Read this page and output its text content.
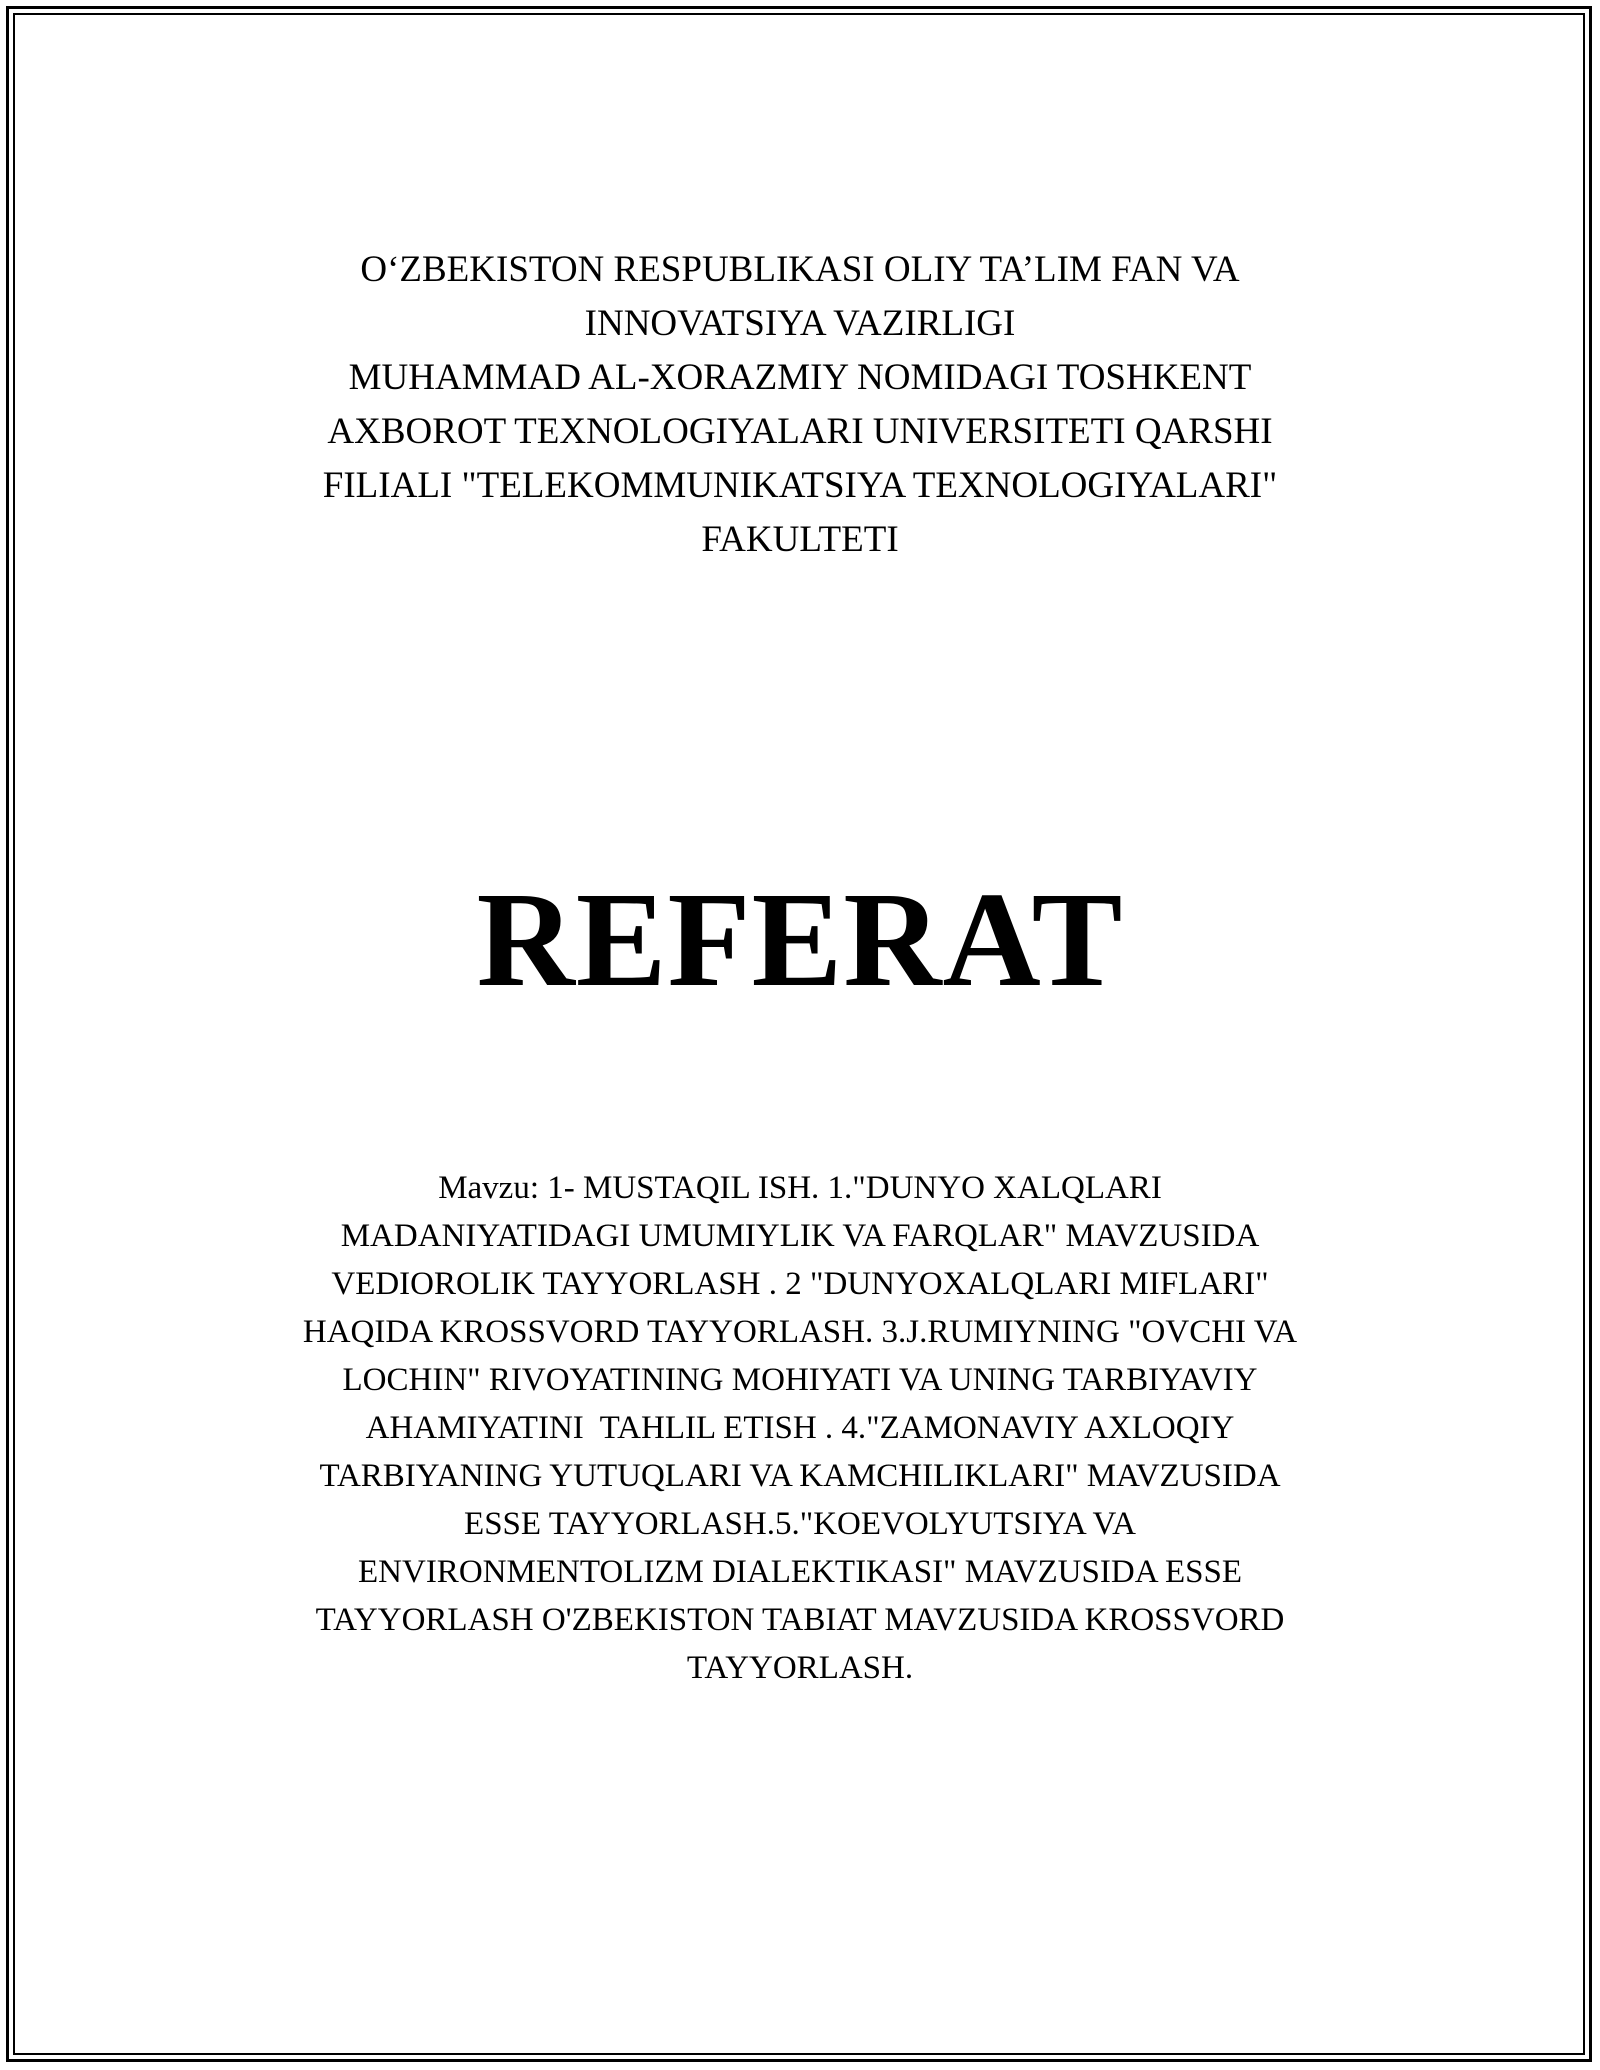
O‘ZBEKISTON RESPUBLIKASI OLIY TA’LIM FAN VA
INNOVATSIYA VAZIRLIGI
MUHAMMAD AL-XORAZMIY NOMIDAGI TOSHKENT
AXBOROT TEXNOLOGIYALARI UNIVERSITETI QARSHI
FILIALI "TELEKOMMUNIKATSIYA TEXNOLOGIYALARI"
FAKULTETI
REFERAT
Mavzu: 1- MUSTAQIL ISH. 1."DUNYO XALQLARI
MADANIYATIDAGI UMUMIYLIK VA FARQLAR" MAVZUSIDA
VEDIOROLIK TAYYORLASH . 2 "DUNYOXALQLARI MIFLARI"
HAQIDA KROSSVORD TAYYORLASH. 3.J.RUMIYNING "OVCHI VA
LOCHIN" RIVOYATINING MOHIYATI VA UNING TARBIYAVIY
AHAMIYATINI  TAHLIL ETISH . 4."ZAMONAVIY AXLOQIY
TARBIYANING YUTUQLARI VA KAMCHILIKLARI" MAVZUSIDA
ESSE TAYYORLASH.5."KOEVOLYUTSIYA VA
ENVIRONMENTOLIZM DIALEKTIKASI" MAVZUSIDA ESSE
TAYYORLASH O'ZBEKISTON TABIAT MAVZUSIDA KROSSVORD
TAYYORLASH.
